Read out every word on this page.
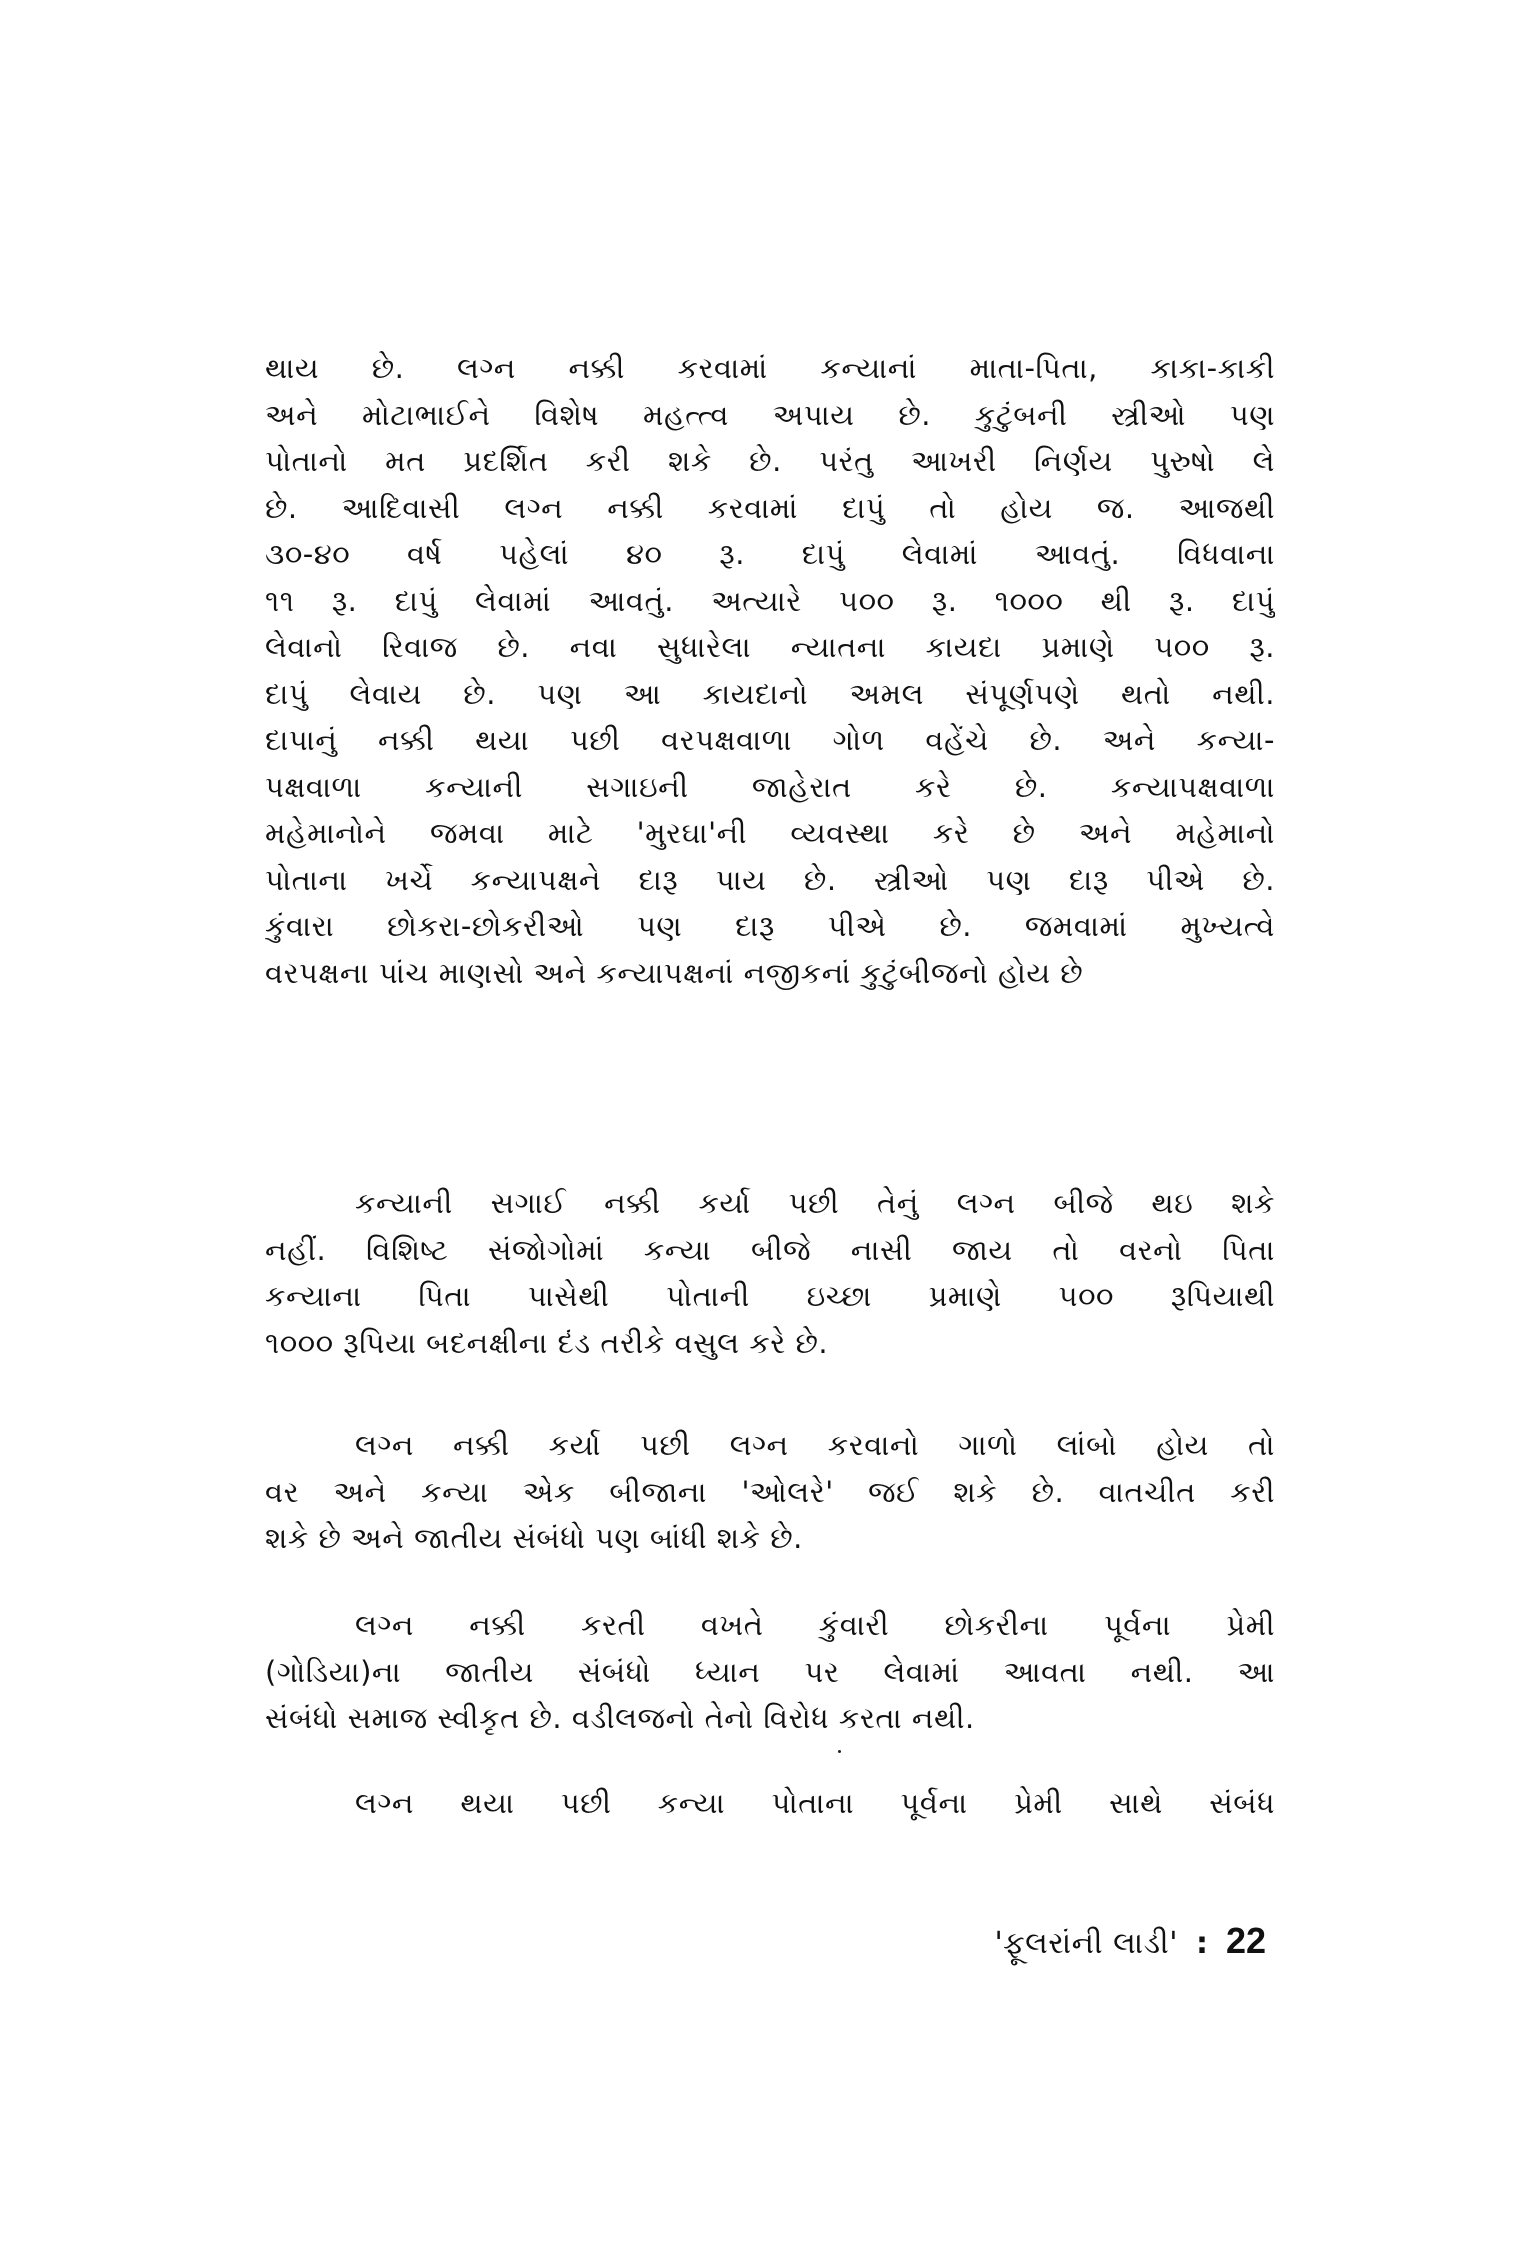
થાય છે. લગ્ન નક્કી કરવામાં કન્યાનાં માતા-પિતા, કાકા-કાકી
અને મોટાભાઈને વિશેષ મહત્ત્વ અપાય છે. કુટુંબની સ્ત્રીઓ પણ
પોતાનો મત પ્રદર્શિત કરી શકે છે. પરંતુ આખરી નિર્ણય પુરુષો લે
છે. આદિવાસી લગ્ન નક્કી કરવામાં દાપું તો હોય જ. આજથી
૩૦-૪૦ વર્ષ પહેલાં ૪૦ રૂ. દાપું લેવામાં આવતું. વિધવાના
૧૧ રૂ. દાપું લેવામાં આવતું. અત્યારે ૫૦૦ રૂ. ૧૦૦૦ થી રૂ. દાપું
લેવાનો રિવાજ છે. નવા સુધારેલા ન્યાતના કાયદા પ્રમાણે ૫૦૦ રૂ.
દાપું લેવાય છે. પણ આ કાયદાનો અમલ સંપૂર્ણપણે થતો નથી.
દાપાનું નક્કી થયા પછી વરપક્ષવાળા ગોળ વહેંચે છે. અને કન્યા-
પક્ષવાળા કન્યાની સગાઇની જાહેરાત કરે છે. કન્યાપક્ષવાળા
મહેમાનોને જમવા માટે 'મુરઘા'ની વ્યવસ્થા કરે છે અને મહેમાનો
પોતાના ખર્ચે કન્યાપક્ષને દારૂ પાય છે. સ્ત્રીઓ પણ દારૂ પીએ છે.
કુંવારા છોકરા-છોકરીઓ પણ દારૂ પીએ છે. જમવામાં મુખ્યત્વે
વરપક્ષના પાંચ માણસો અને કન્યાપક્ષનાં નજીકનાં કુટુંબીજનો હોય છે
કન્યાની સગાઈ નક્કી કર્યા પછી તેનું લગ્ન બીજે થઇ શકે
નહીં. વિશિષ્ટ સંજોગોમાં કન્યા બીજે નાસી જાય તો વરનો પિતા
કન્યાના પિતા પાસેથી પોતાની ઇચ્છા પ્રમાણે ૫૦૦ રૂપિયાથી
૧૦૦૦ રૂપિયા બદનક્ષીના દંડ તરીકે વસુલ કરે છે.
લગ્ન નક્કી કર્યા પછી લગ્ન કરવાનો ગાળો લાંબો હોય તો
વર અને કન્યા એક બીજાના 'ઓલરે' જઈ શકે છે. વાતચીત કરી
શકે છે અને જાતીય સંબંધો પણ બાંધી શકે છે.
લગ્ન નક્કી કરતી વખતે કુંવારી છોકરીના પૂર્વના પ્રેમી
(ગોડિયા)ના જાતીય સંબંધો ધ્યાન પર લેવામાં આવતા નથી. આ
સંબંધો સમાજ સ્વીકૃત છે. વડીલજનો તેનો વિરોધ કરતા નથી.
લગ્ન થયા પછી કન્યા પોતાના પૂર્વના પ્રેમી સાથે સંબંધ
'ફૂલરાંની લાડી' : 22
